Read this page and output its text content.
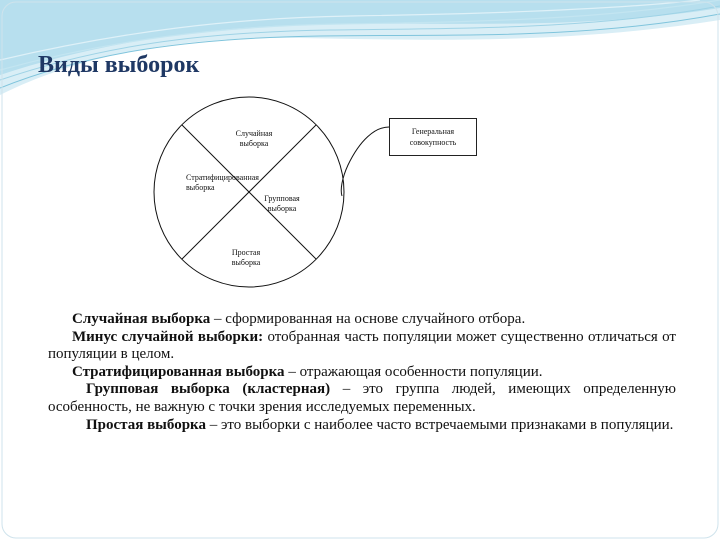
Виды выборок
Случайная
выборка
Стратифицированная
выборка
Групповая
выборка
Простая
выборка
Генеральная
совокупность

Случайная выборка – сформированная на основе случайного отбора.

Минус случайной выборки: отобранная часть популяции может существенно отличаться от популяции в целом.

Стратифицированная выборка – отражающая особенности популяции.

Групповая выборка (кластерная) – это группа людей, имеющих определенную особенность, не важную с точки зрения исследуемых переменных.

Простая выборка – это выборки с наиболее часто встречаемыми признаками в популяции.
